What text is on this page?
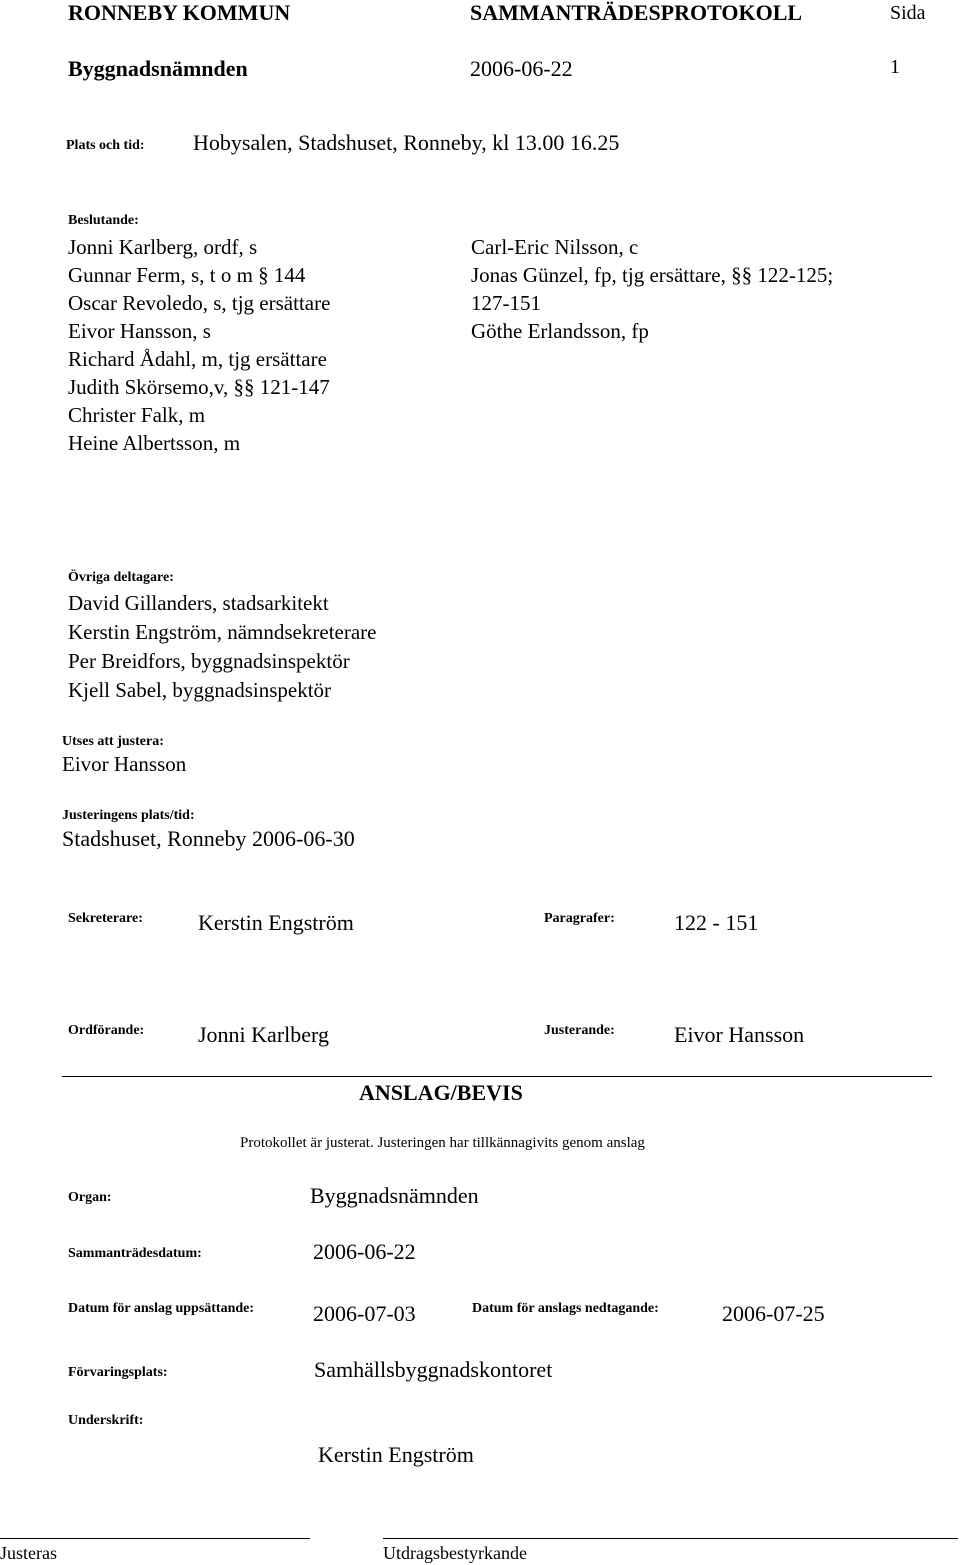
RONNEBY KOMMUN	SAMMANTRÄDESPROTOKOLL	Sida
Byggnadsnämnden	2006-06-22	1
Plats och tid: Hobysalen, Stadshuset, Ronneby, kl 13.00 16.25
Beslutande:
Jonni Karlberg, ordf, s
Gunnar Ferm, s, t o m § 144
Oscar Revoledo, s, tjg ersättare
Eivor Hansson, s
Richard Ådahl, m, tjg ersättare
Judith Skörsemo,v, §§ 121-147
Christer Falk, m
Heine Albertsson, m
Carl-Eric Nilsson, c
Jonas Günzel, fp, tjg ersättare, §§ 122-125;
127-151
Göthe Erlandsson, fp
Övriga deltagare:
David Gillanders, stadsarkitekt
Kerstin Engström, nämndsekreterare
Per Breidfors, byggnadsinspektör
Kjell Sabel, byggnadsinspektör
Utses att justera:
Eivor Hansson
Justeringens plats/tid:
Stadshuset, Ronneby 2006-06-30
Sekreterare:	Kerstin Engström	Paragrafer:	122 - 151
Ordförande: Jonni Karlberg	Justerande:	Eivor Hansson
ANSLAG/BEVIS
Protokollet är justerat. Justeringen har tillkännagivits genom anslag
Organ:	Byggnadsnämnden
Sammanträdesdatum:	2006-06-22
Datum för anslag uppsättande:	2006-07-03	Datum för anslags nedtagande:	2006-07-25
Förvaringsplats:	Samhällsbyggnadskontoret
Underskrift:
Kerstin Engström
Justeras	Utdragsbestyrkande
